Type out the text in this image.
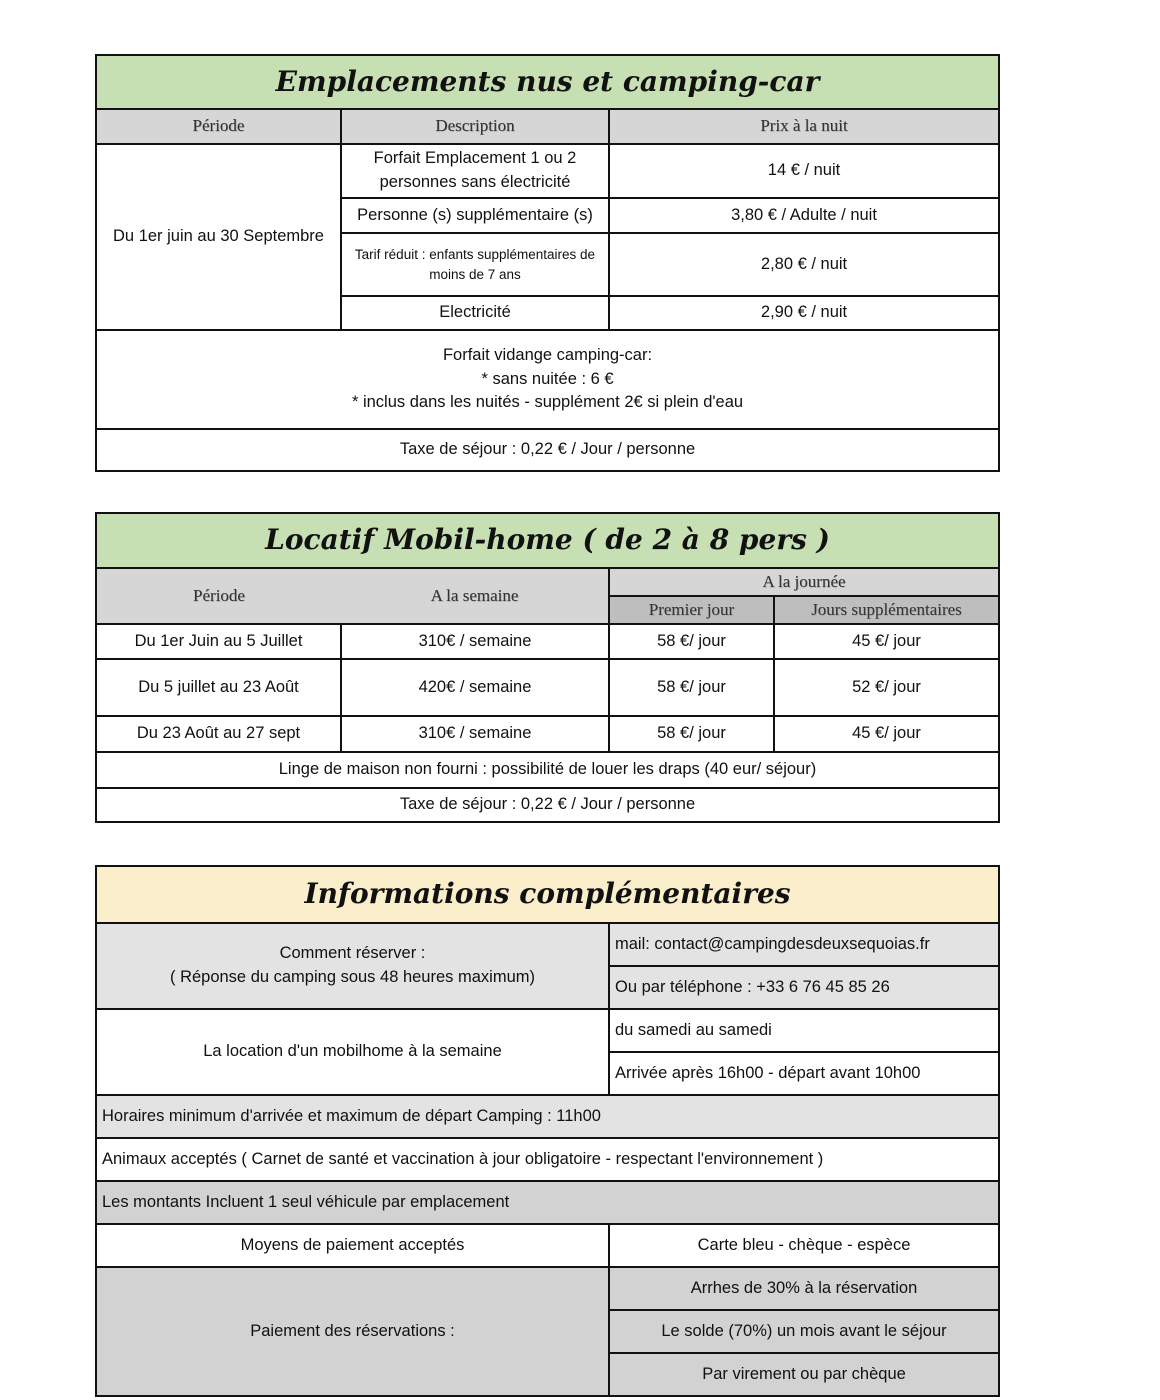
Emplacements nus et camping-car		
Période	Description	Prix à la nuit
Du 1er juin au 30 Septembre	Forfait Emplacement 1 ou 2 personnes sans électricité	14 € / nuit
	Personne (s) supplémentaire (s)	3,80 € / Adulte / nuit
	Tarif réduit : enfants supplémentaires de moins de 7 ans	2,80 € / nuit
	Electricité	2,90 € / nuit

Forfait vidange camping-car:
* sans nuitée : 6 €
* inclus dans les nuités - supplément 2€ si plein d'eau		

Taxe de séjour : 0,22 € / Jour / personne		
Locatif Mobil-home ( de 2 à 8 pers )			
Période	A la semaine	A la journée	
		Premier jour	Jours supplémentaires
Du 1er Juin au 5 Juillet	310€ / semaine	58 €/ jour	45 €/ jour
Du 5 juillet au 23 Août	420€ / semaine	58 €/ jour	52 €/ jour
Du 23 Août au 27 sept	310€ / semaine	58 €/ jour	45 €/ jour
Linge de maison non fourni : possibilité de louer les draps (40 eur/ séjour)			
Taxe de séjour : 0,22 € / Jour / personne			
Informations complémentaires	

Comment réserver :
( Réponse du camping sous 48 heures maximum)	mail: contact@campingdesdeuxsequoias.fr
	Ou par téléphone : +33 6 76 45 85 26
La location d'un mobilhome à la semaine	du samedi au samedi
	Arrivée après 16h00 - départ avant 10h00
Horaires minimum d'arrivée et maximum de départ Camping : 11h00	
Animaux acceptés ( Carnet de santé et vaccination à jour obligatoire - respectant l'environnement )	
Les montants Incluent 1 seul véhicule par emplacement	
Moyens de paiement acceptés	Carte bleu - chèque - espèce
Paiement des réservations :	Arrhes de 30% à la réservation
	Le solde (70%) un mois avant le séjour
	Par virement ou par chèque
